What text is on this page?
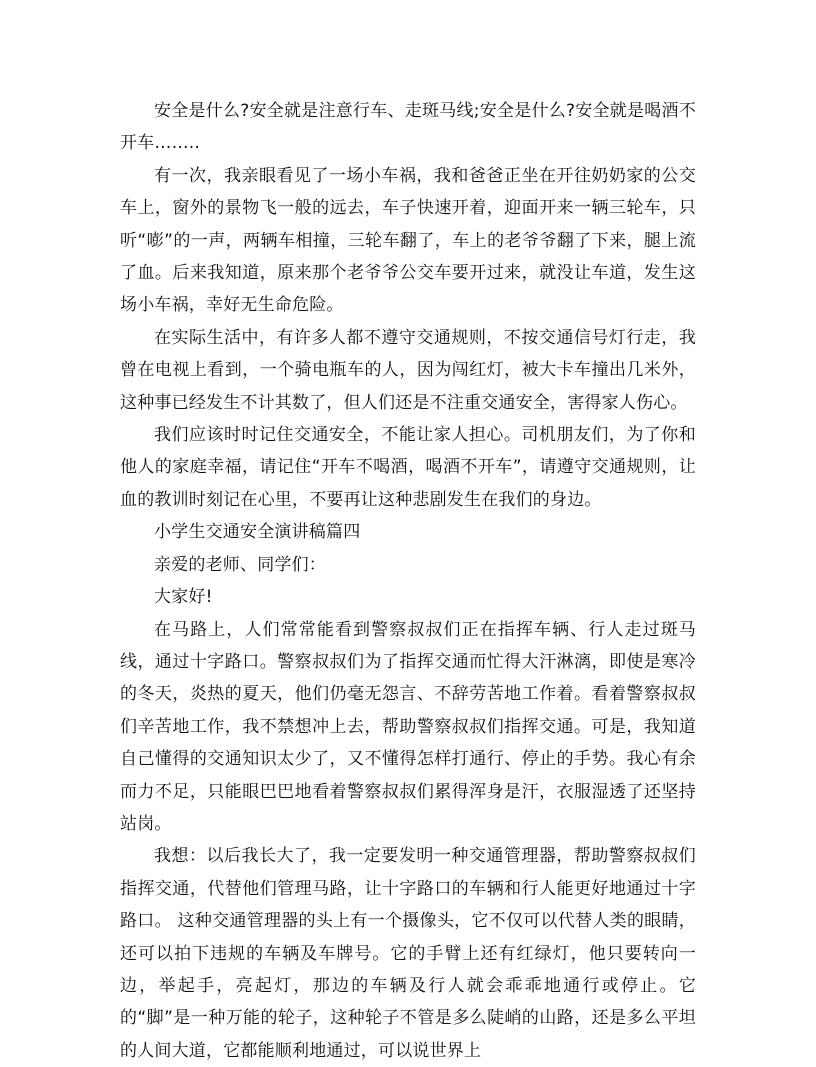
安全是什么?安全就是注意行车、走斑马线;安全是什么?安全就是喝酒不开车……..

有一次，我亲眼看见了一场小车祸，我和爸爸正坐在开往奶奶家的公交车上，窗外的景物飞一般的远去，车子快速开着，迎面开来一辆三轮车，只听“嘭”的一声，两辆车相撞，三轮车翻了，车上的老爷爷翻了下来，腿上流了血。后来我知道，原来那个老爷爷公交车要开过来，就没让车道，发生这场小车祸，幸好无生命危险。

在实际生活中，有许多人都不遵守交通规则，不按交通信号灯行走，我曾在电视上看到，一个骑电瓶车的人，因为闯红灯，被大卡车撞出几米外，这种事已经发生不计其数了，但人们还是不注重交通安全，害得家人伤心。

我们应该时时记住交通安全，不能让家人担心。司机朋友们，为了你和他人的家庭幸福，请记住“开车不喝酒，喝酒不开车”，请遵守交通规则，让血的教训时刻记在心里，不要再让这种悲剧发生在我们的身边。

小学生交通安全演讲稿篇四

亲爱的老师、同学们：

大家好!

在马路上，人们常常能看到警察叔叔们正在指挥车辆、行人走过斑马线，通过十字路口。警察叔叔们为了指挥交通而忙得大汗淋漓，即使是寒冷的冬天，炎热的夏天，他们仍毫无怨言、不辞劳苦地工作着。看着警察叔叔们辛苦地工作，我不禁想冲上去，帮助警察叔叔们指挥交通。可是，我知道自己懂得的交通知识太少了，又不懂得怎样打通行、停止的手势。我心有余而力不足，只能眼巴巴地看着警察叔叔们累得浑身是汗，衣服湿透了还坚持站岗。

我想：以后我长大了，我一定要发明一种交通管理器，帮助警察叔叔们指挥交通，代替他们管理马路，让十字路口的车辆和行人能更好地通过十字路口。 这种交通管理器的头上有一个摄像头，它不仅可以代替人类的眼睛，还可以拍下违规的车辆及车牌号。它的手臂上还有红绿灯，他只要转向一边，举起手，亮起灯，那边的车辆及行人就会乖乖地通行或停止。它的“脚”是一种万能的轮子，这种轮子不管是多么陡峭的山路，还是多么平坦的人间大道，它都能顺利地通过，可以说世界上
